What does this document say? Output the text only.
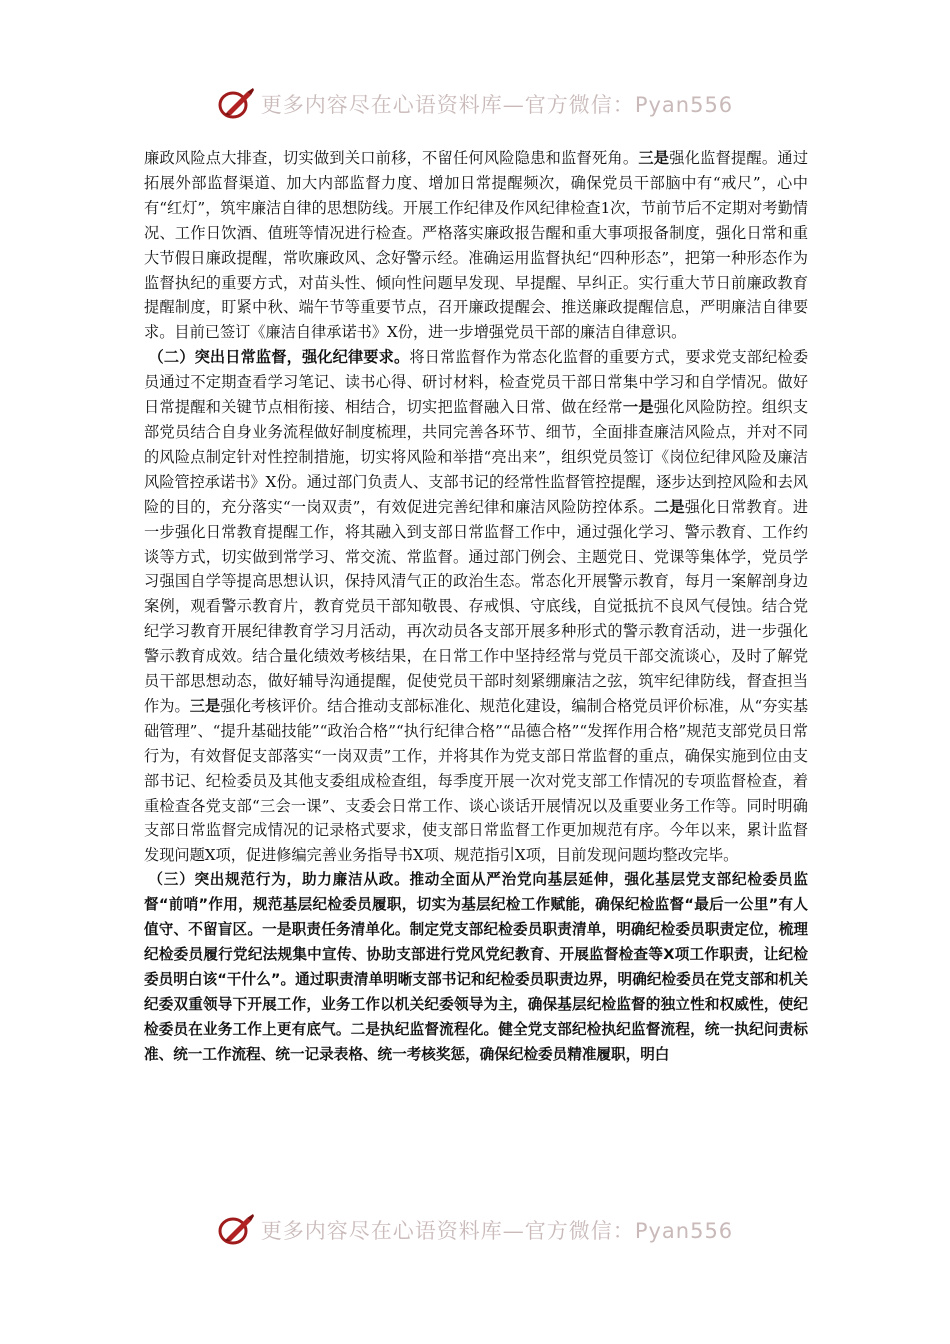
更多内容尽在心语资料库—官方微信：Pyan556

廉政风险点大排查，切实做到关口前移，不留任何风险隐患和监督死角。三是强化监督提醒。通过拓展外部监督渠道、加大内部监督力度、增加日常提醒频次，确保党员干部脑中有“戒尺”，心中有“红灯”，筑牢廉洁自律的思想防线。开展工作纪律及作风纪律检查1次，节前节后不定期对考勤情况、工作日饮酒、值班等情况进行检查。严格落实廉政报告醒和重大事项报备制度，强化日常和重大节假日廉政提醒，常吹廉政风、念好警示经。准确运用监督执纪“四种形态”，把第一种形态作为监督执纪的重要方式，对苗头性、倾向性问题早发现、早提醒、早纠正。实行重大节日前廉政教育提醒制度，盯紧中秋、端午节等重要节点，召开廉政提醒会、推送廉政提醒信息，严明廉洁自律要求。目前已签订《廉洁自律承诺书》X份，进一步增强党员干部的廉洁自律意识。

（二）突出日常监督，强化纪律要求。将日常监督作为常态化监督的重要方式，要求党支部纪检委员通过不定期查看学习笔记、读书心得、研讨材料，检查党员干部日常集中学习和自学情况。做好日常提醒和关键节点相衔接、相结合，切实把监督融入日常、做在经常一是强化风险防控。组织支部党员结合自身业务流程做好制度梳理，共同完善各环节、细节，全面排查廉洁风险点，并对不同的风险点制定针对性控制措施，切实将风险和举措“亮出来”，组织党员签订《岗位纪律风险及廉洁风险管控承诺书》X份。通过部门负责人、支部书记的经常性监督管控提醒，逐步达到控风险和去风险的目的，充分落实“一岗双责”，有效促进完善纪律和廉洁风险防控体系。二是强化日常教育。进一步强化日常教育提醒工作，将其融入到支部日常监督工作中，通过强化学习、警示教育、工作约谈等方式，切实做到常学习、常交流、常监督。通过部门例会、主题党日、党课等集体学，党员学习强国自学等提高思想认识，保持风清气正的政治生态。常态化开展警示教育，每月一案解剖身边案例，观看警示教育片，教育党员干部知敬畏、存戒惧、守底线，自觉抵抗不良风气侵蚀。结合党纪学习教育开展纪律教育学习月活动，再次动员各支部开展多种形式的警示教育活动，进一步强化警示教育成效。结合量化绩效考核结果，在日常工作中坚持经常与党员干部交流谈心，及时了解党员干部思想动态，做好辅导沟通提醒，促使党员干部时刻紧绷廉洁之弦，筑牢纪律防线，督查担当作为。三是强化考核评价。结合推动支部标准化、规范化建设，编制合格党员评价标准，从“夯实基础管理”、“提升基础技能”“政治合格”“执行纪律合格”“品德合格”“发挥作用合格”规范支部党员日常行为，有效督促支部落实“一岗双责”工作，并将其作为党支部日常监督的重点，确保实施到位由支部书记、纪检委员及其他支委组成检查组，每季度开展一次对党支部工作情况的专项监督检查，着重检查各党支部“三会一课”、支委会日常工作、谈心谈话开展情况以及重要业务工作等。同时明确支部日常监督完成情况的记录格式要求，使支部日常监督工作更加规范有序。今年以来，累计监督发现问题X项，促进修编完善业务指导书X项、规范指引X项，目前发现问题均整改完毕。

（三）突出规范行为，助力廉洁从政。推动全面从严治党向基层延伸，强化基层党支部纪检委员监督“前哨”作用，规范基层纪检委员履职，切实为基层纪检工作赋能，确保纪检监督“最后一公里”有人值守、不留盲区。一是职责任务清单化。制定党支部纪检委员职责清单，明确纪检委员职责定位，梳理纪检委员履行党纪法规集中宣传、协助支部进行党风党纪教育、开展监督检查等X项工作职责，让纪检委员明白该“干什么”。通过职责清单明晰支部书记和纪检委员职责边界，明确纪检委员在党支部和机关纪委双重领导下开展工作，业务工作以机关纪委领导为主，确保基层纪检监督的独立性和权威性，使纪检委员在业务工作上更有底气。二是执纪监督流程化。健全党支部纪检执纪监督流程，统一执纪问责标准、统一工作流程、统一记录表格、统一考核奖惩，确保纪检委员精准履职，明白

更多内容尽在心语资料库—官方微信：Pyan556
